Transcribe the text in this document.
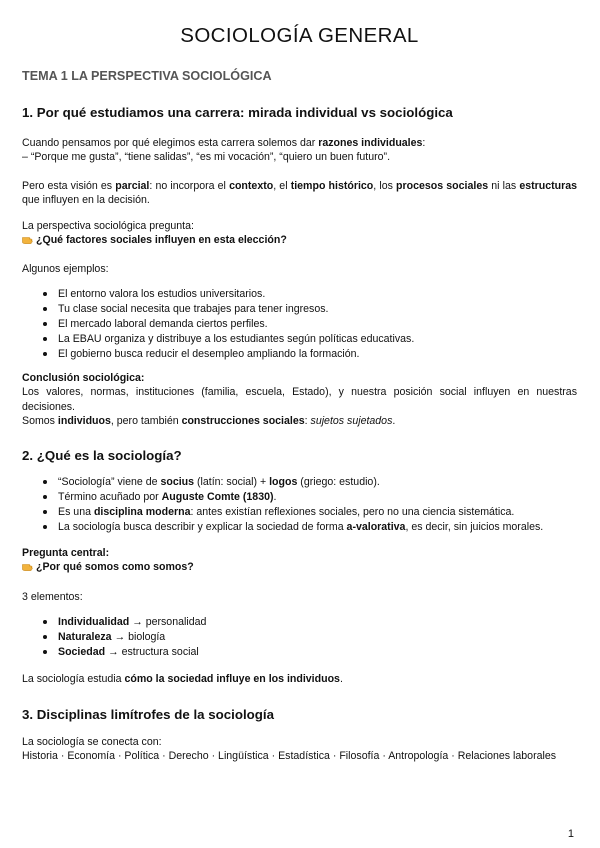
SOCIOLOGÍA GENERAL
TEMA 1 LA PERSPECTIVA SOCIOLÓGICA
1. Por qué estudiamos una carrera: mirada individual vs sociológica

Cuando pensamos por qué elegimos esta carrera solemos dar razones individuales:
– “Porque me gusta”, “tiene salidas”, “es mi vocación”, “quiero un buen futuro”.

Pero esta visión es parcial: no incorpora el contexto, el tiempo histórico, los procesos sociales ni las estructuras que influyen en la decisión.

La perspectiva sociológica pregunta:
¿Qué factores sociales influyen en esta elección?

Algunos ejemplos:

El entorno valora los estudios universitarios.
Tu clase social necesita que trabajes para tener ingresos.
El mercado laboral demanda ciertos perfiles.
La EBAU organiza y distribuye a los estudiantes según políticas educativas.
El gobierno busca reducir el desempleo ampliando la formación.

Conclusión sociológica:
Los valores, normas, instituciones (familia, escuela, Estado), y nuestra posición social influyen en nuestras decisiones.
Somos individuos, pero también construcciones sociales: sujetos sujetados.

2. ¿Qué es la sociología?
“Sociología” viene de socius (latín: social) + logos (griego: estudio).
Término acuñado por Auguste Comte (1830).
Es una disciplina moderna: antes existían reflexiones sociales, pero no una ciencia sistemática.
La sociología busca describir y explicar la sociedad de forma a-valorativa, es decir, sin juicios morales.

Pregunta central:
¿Por qué somos como somos?

3 elementos:

Individualidad → personalidad
Naturaleza → biología
Sociedad → estructura social

La sociología estudia cómo la sociedad influye en los individuos.

3. Disciplinas limítrofes de la sociología

La sociología se conecta con:

Historia · Economía · Política · Derecho · Lingüística · Estadística · Filosofía · Antropología · Relaciones laborales

1
